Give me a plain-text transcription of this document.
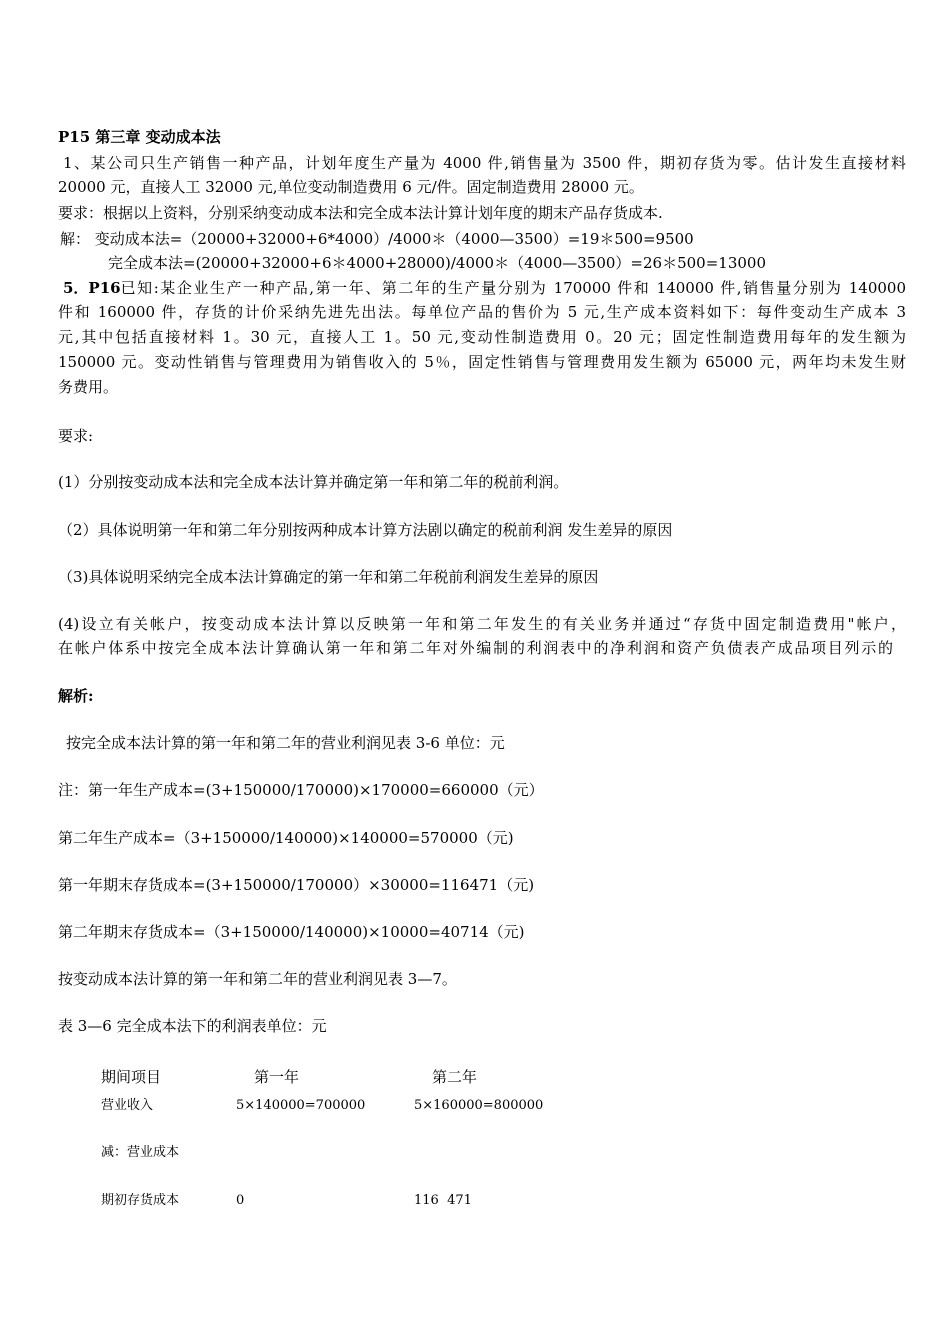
P15 第三章 变动成本法
1、某公司只生产销售一种产品，计划年度生产量为 4000 件,销售量为 3500 件，期初存货为零。估计发生直接材料
20000 元，直接人工 32000 元,单位变动制造费用 6 元/件。固定制造费用 28000 元。
要求：根据以上资料，分别采纳变动成本法和完全成本法计算计划年度的期末产品存货成本.
解： 变动成本法=（20000+32000+6*4000）/4000＊（4000—3500）=19＊500=9500
完全成本法=(20000+32000+6＊4000+28000)/4000＊（4000—3500）=26＊500=13000
5．P16 已知:某企业生产一种产品,第一年、第二年的生产量分别为 170000 件和 140000 件,销售量分别为 140000
件和 160000 件，存货的计价采纳先进先出法。每单位产品的售价为 5 元,生产成本资料如下：每件变动生产成本 3
元,其中包括直接材料 1。30 元，直接人工 1。50 元,变动性制造费用 0。20 元；固定性制造费用每年的发生额为
150000 元。变动性销售与管理费用为销售收入的 5％，固定性销售与管理费用发生额为 65000 元，两年均未发生财
务费用。
要求:
(1）分别按变动成本法和完全成本法计算并确定第一年和第二年的税前利润。
（2）具体说明第一年和第二年分别按两种成本计算方法剧以确定的税前利润 发生差异的原因
（3)具体说明采纳完全成本法计算确定的第一年和第二年税前利润发生差异的原因
(4)设立有关帐户，按变动成本法计算以反映第一年和第二年发生的有关业务并通过“存货中固定制造费用"帐户，
在帐户体系中按完全成本法计算确认第一年和第二年对外编制的利润表中的净利润和资产负债表产成品项目列示的
解析:
按完全成本法计算的第一年和第二年的营业利润见表 3-6 单位：元
注：第一年生产成本=(3+150000/170000)×170000=660000（元）
第二年生产成本=（3+150000/140000)×140000=570000（元)
第一年期末存货成本=(3+150000/170000）×30000=116471（元)
第二年期末存货成本=（3+150000/140000)×10000=40714（元)
按变动成本法计算的第一年和第二年的营业利润见表 3—7。
表 3—6 完全成本法下的利润表单位：元
期间项目	第一年	第二年
营业收入	5×140000=700000	5×160000=800000
减：营业成本
期初存货成本	0	116  471
